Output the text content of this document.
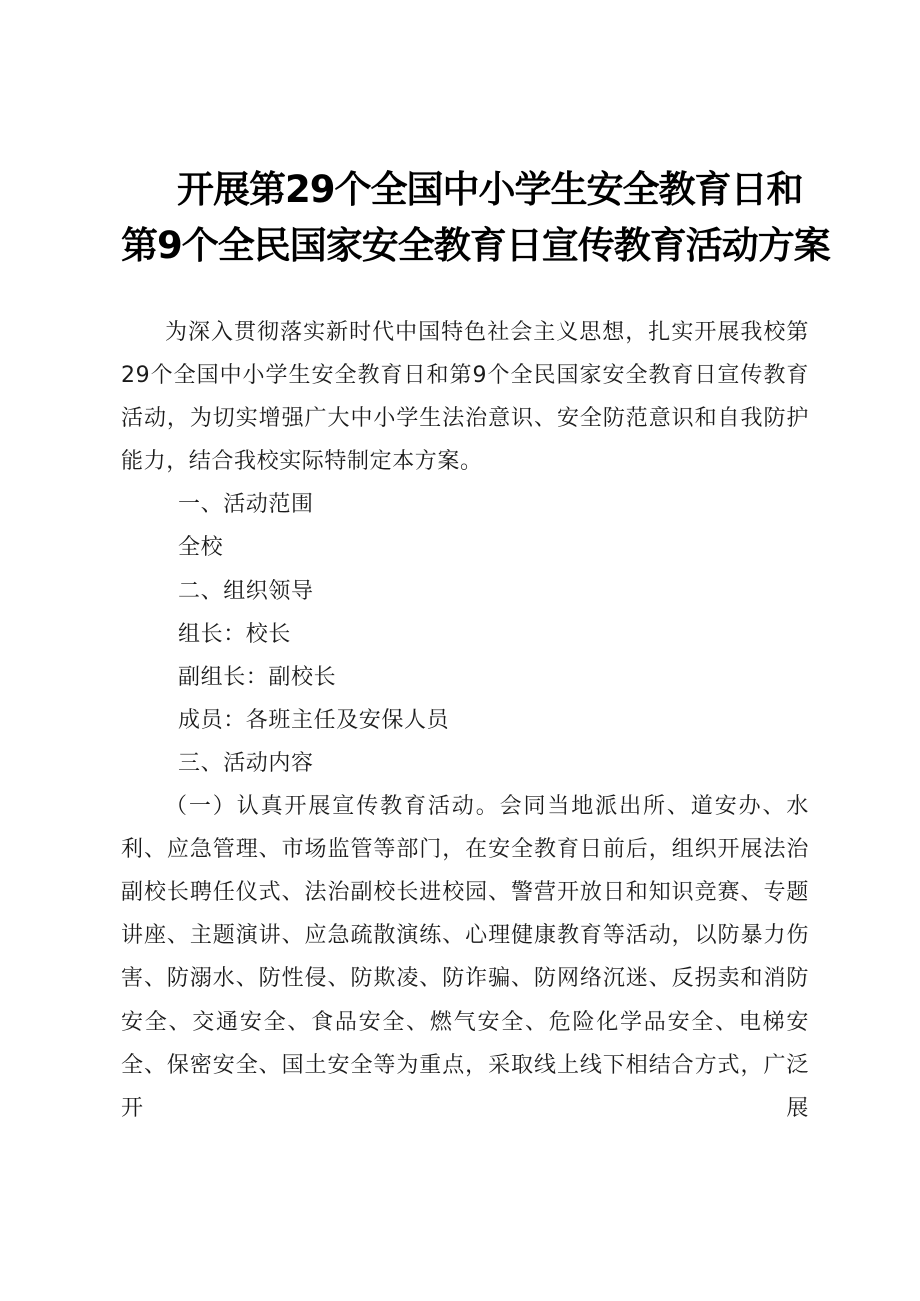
开展第29个全国中小学生安全教育日和

第9个全民国家安全教育日宣传教育活动方案

为深入贯彻落实新时代中国特色社会主义思想，扎实开展我校第29个全国中小学生安全教育日和第9个全民国家安全教育日宣传教育活动，为切实增强广大中小学生法治意识、安全防范意识和自我防护能力，结合我校实际特制定本方案。

一、活动范围

全校

二、组织领导

组长：校长

副组长：副校长

成员：各班主任及安保人员

三、活动内容

（一）认真开展宣传教育活动。会同当地派出所、道安办、水利、应急管理、市场监管等部门，在安全教育日前后，组织开展法治副校长聘任仪式、法治副校长进校园、警营开放日和知识竞赛、专题讲座、主题演讲、应急疏散演练、心理健康教育等活动，以防暴力伤害、防溺水、防性侵、防欺凌、防诈骗、防网络沉迷、反拐卖和消防安全、交通安全、食品安全、燃气安全、危险化学品安全、电梯安全、保密安全、国土安全等为重点，采取线上线下相结合方式，广泛开展
